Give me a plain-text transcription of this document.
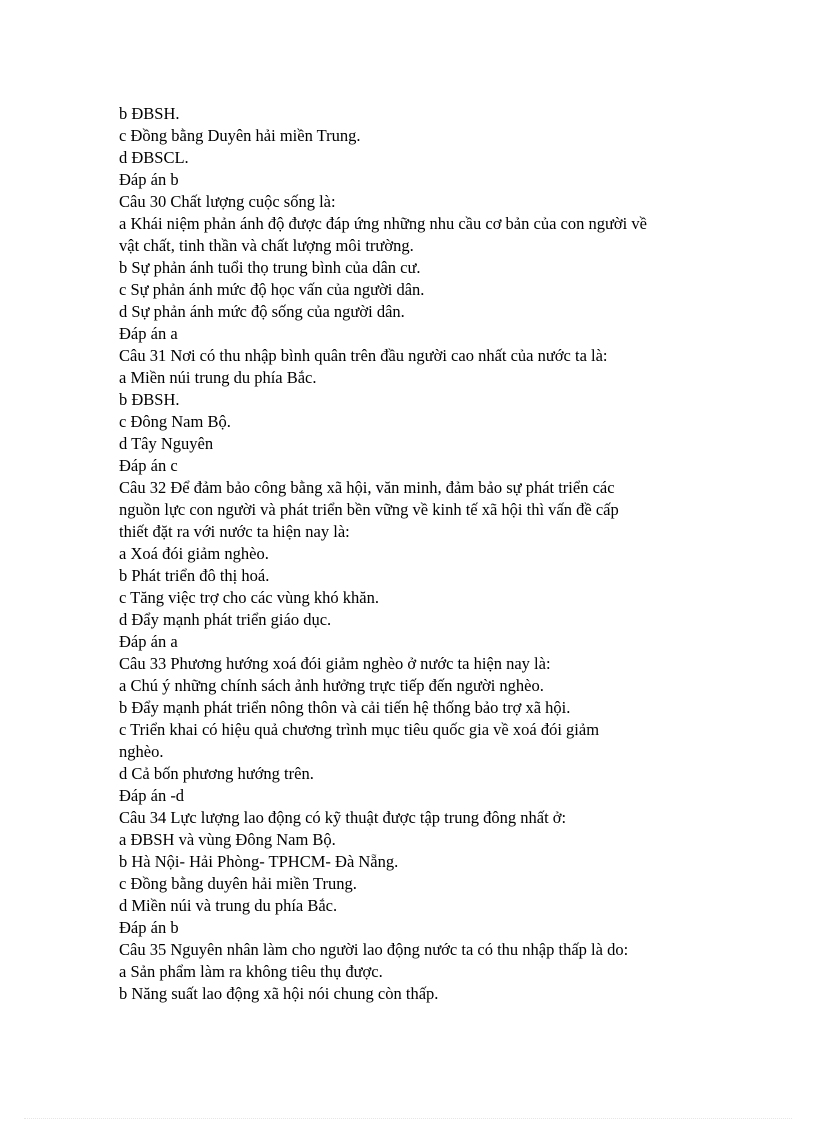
b ĐBSH.
c Đồng bằng Duyên hải miền Trung.
d ĐBSCL.
Đáp án b
Câu 30 Chất lượng cuộc sống là:
a Khái niệm phản ánh độ được đáp ứng những nhu cầu cơ bản của con người về
vật chất, tinh thần và chất lượng môi trường.
b Sự phản ánh tuổi thọ trung bình của dân cư.
c Sự phản ánh mức độ học vấn của người dân.
d Sự phản ánh mức độ sống của người dân.
Đáp án a
Câu 31 Nơi có thu nhập bình quân trên đầu người cao nhất của nước ta là:
a Miền núi trung du phía Bắc.
b ĐBSH.
c Đông Nam Bộ.
d Tây Nguyên
Đáp án c
Câu 32 Để đảm bảo công bằng xã hội, văn minh, đảm bảo sự phát triển các
nguồn lực con người và phát triển bền vững về kinh tế xã hội thì vấn đề cấp
thiết đặt ra với nước ta hiện nay là:
a Xoá đói giảm nghèo.
b Phát triển đô thị hoá.
c Tăng việc trợ cho các vùng khó khăn.
d Đẩy mạnh phát triển giáo dục.
Đáp án a
Câu 33 Phương hướng xoá đói giảm nghèo ở nước ta hiện nay là:
a Chú ý những chính sách ảnh hưởng trực tiếp đến người nghèo.
b Đẩy mạnh phát triển nông thôn và cải tiến hệ thống bảo trợ xã hội.
c Triển khai có hiệu quả chương trình mục tiêu quốc gia về xoá đói giảm
nghèo.
d Cả bốn phương hướng trên.
Đáp án -d
Câu 34 Lực lượng lao động có kỹ thuật được tập trung đông nhất ở:
a ĐBSH và vùng Đông Nam Bộ.
b Hà Nội- Hải Phòng- TPHCM- Đà Nẵng.
c Đồng bằng duyên hải miền Trung.
d Miền núi và trung du phía Bắc.
Đáp án b
Câu 35 Nguyên nhân làm cho người lao động nước ta có thu nhập thấp là do:
a Sản phẩm làm ra không tiêu thụ được.
b Năng suất lao động xã hội nói chung còn thấp.
